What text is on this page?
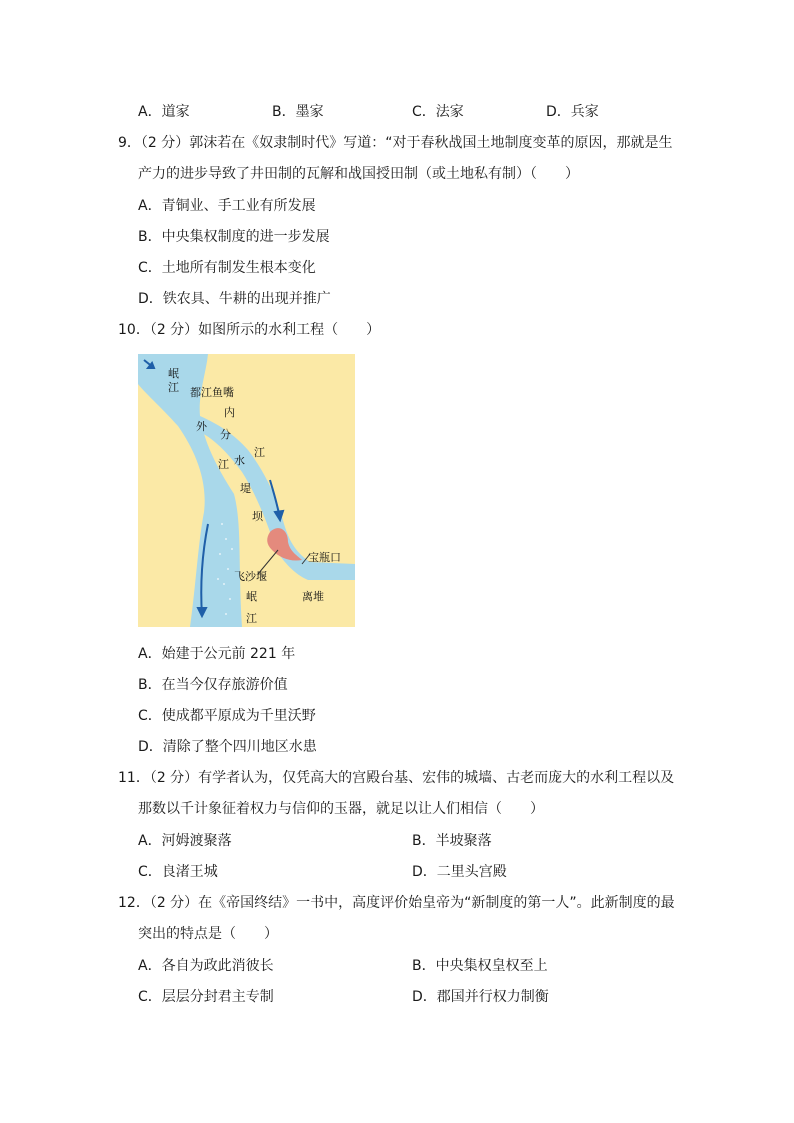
A．道家	B．墨家	C．法家	D．兵家
9．（2 分）郭沫若在《奴隶制时代》写道：“对于春秋战国土地制度变革的原因，那就是生
产力的进步导致了井田制的瓦解和战国授田制（或土地私有制）（　　）
A．青铜业、手工业有所发展
B．中央集权制度的进一步发展
C．土地所有制发生根本变化
D．铁农具、牛耕的出现并推广
10．（2 分）如图所示的水利工程（　　）
岷
江 都江鱼嘴
内
外
分
江
江 水
堤
坝
宝瓶口
飞沙堰
离堆
岷
江
A．始建于公元前 221 年
B．在当今仅存旅游价值
C．使成都平原成为千里沃野
D．清除了整个四川地区水患
11．（2 分）有学者认为，仅凭高大的宫殿台基、宏伟的城墙、古老而庞大的水利工程以及
那数以千计象征着权力与信仰的玉器，就足以让人们相信（　　）
A．河姆渡聚落	B．半坡聚落
C．良渚王城	D．二里头宫殿
12．（2 分）在《帝国终结》一书中，高度评价始皇帝为“新制度的第一人”。此新制度的最
突出的特点是（　　）
A．各自为政此消彼长	B．中央集权皇权至上
C．层层分封君主专制	D．郡国并行权力制衡
